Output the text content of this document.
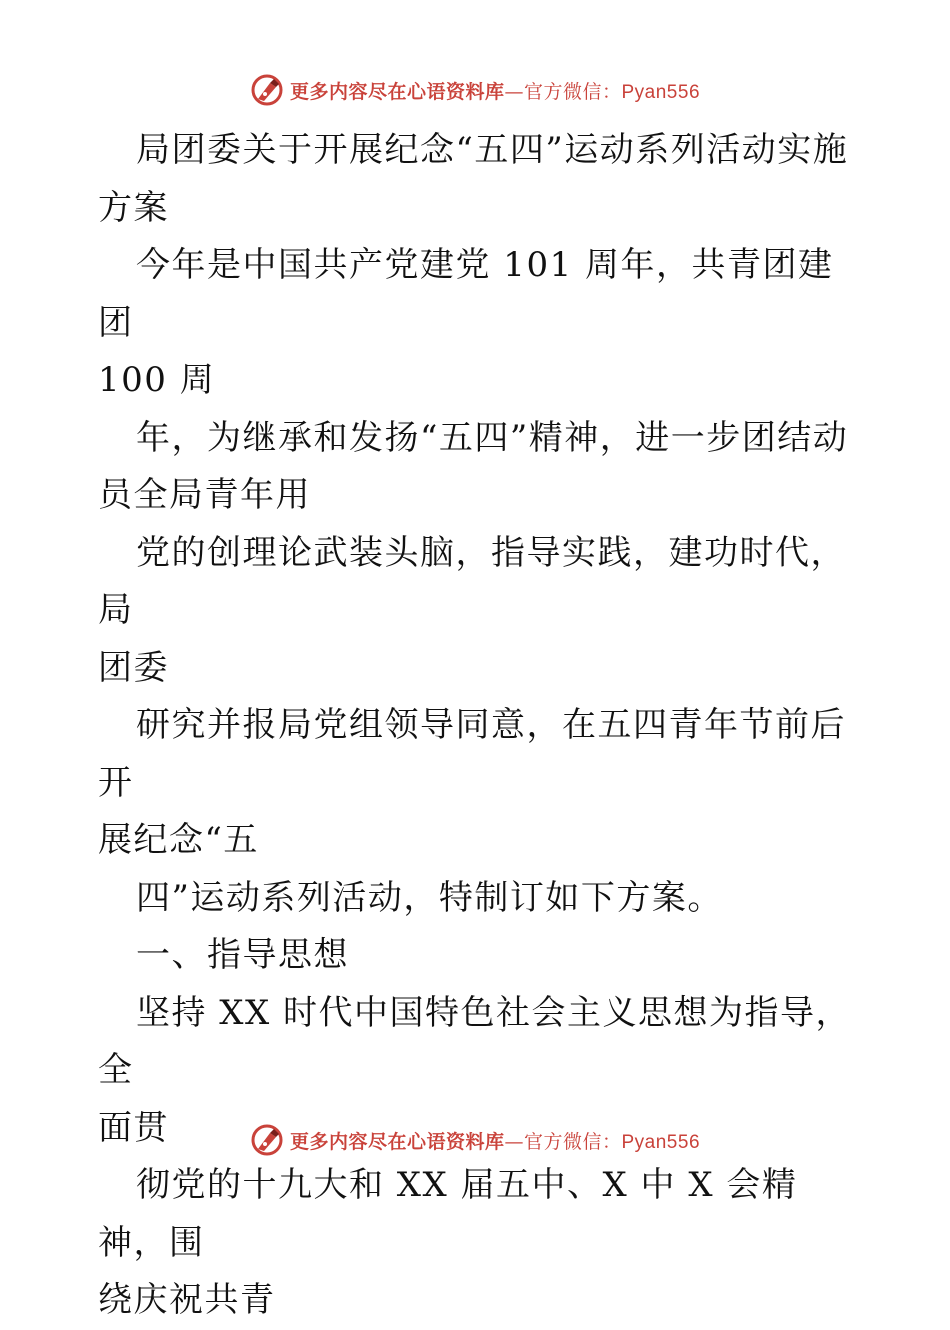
更多内容尽在心语资料库—官方微信：Pyan556

局团委关于开展纪念“五四”运动系列活动实施
方案

今年是中国共产党建党 101 周年，共青团建团
100 周

年，为继承和发扬“五四”精神，进一步团结动
员全局青年用

党的创理论武装头脑，指导实践，建功时代，局
团委

研究并报局党组领导同意，在五四青年节前后开
展纪念“五

四”运动系列活动，特制订如下方案。

一、指导思想

坚持 XX 时代中国特色社会主义思想为指导，全
面贯

彻党的十九大和 XX 届五中、X 中 X 会精神，围
绕庆祝共青

更多内容尽在心语资料库—官方微信：Pyan556
